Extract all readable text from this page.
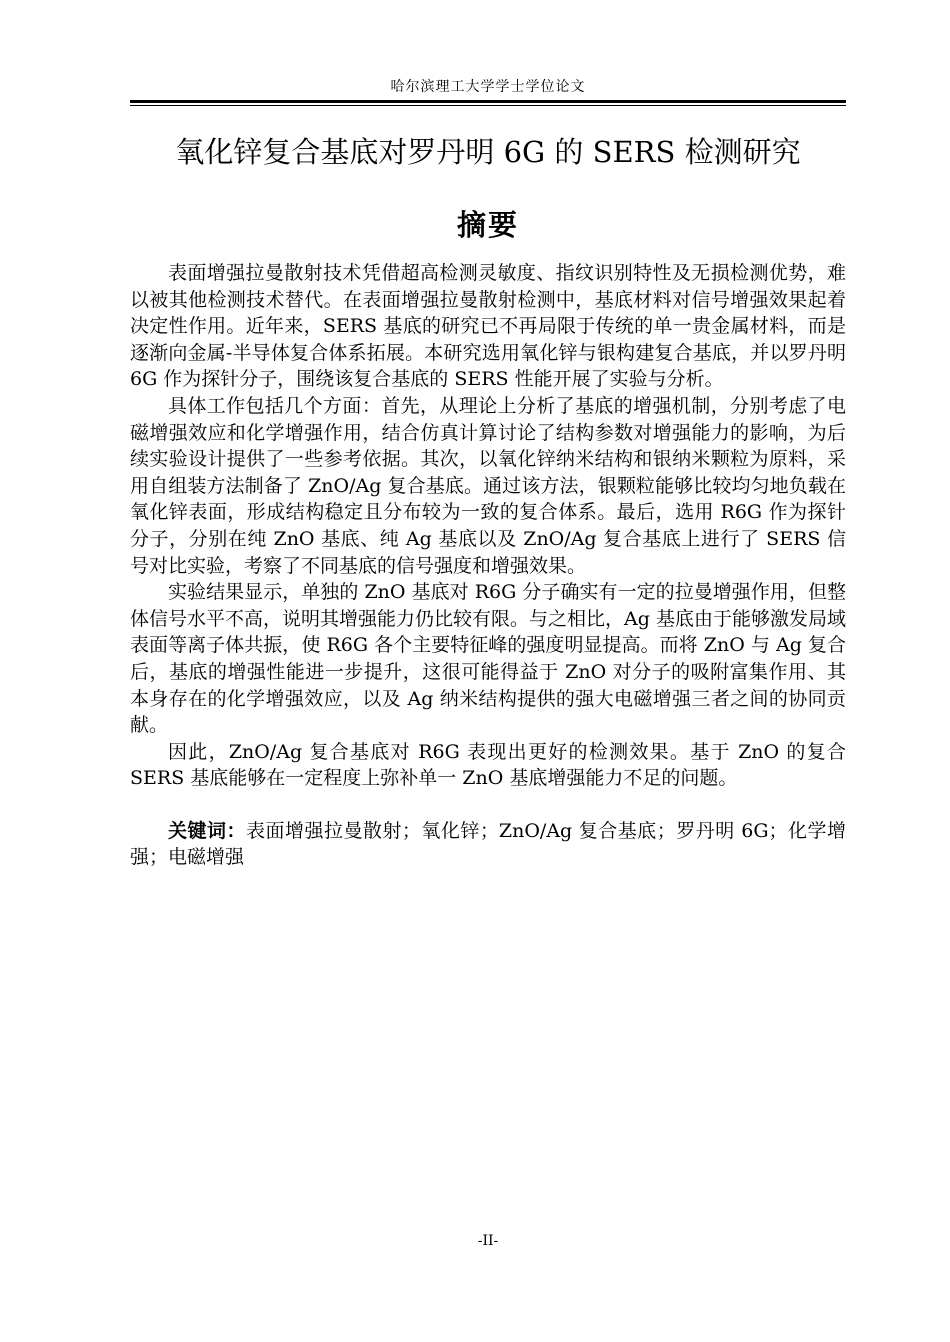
哈尔滨理工大学学士学位论文
氧化锌复合基底对罗丹明 6G 的 SERS 检测研究
摘要

表面增强拉曼散射技术凭借超高检测灵敏度、指纹识别特性及无损检测优势，难以被其他检测技术替代。在表面增强拉曼散射检测中，基底材料对信号增强效果起着决定性作用。近年来，SERS 基底的研究已不再局限于传统的单一贵金属材料，而是逐渐向金属-半导体复合体系拓展。本研究选用氧化锌与银构建复合基底，并以罗丹明 6G 作为探针分子，围绕该复合基底的 SERS 性能开展了实验与分析。

具体工作包括几个方面：首先，从理论上分析了基底的增强机制，分别考虑了电磁增强效应和化学增强作用，结合仿真计算讨论了结构参数对增强能力的影响，为后续实验设计提供了一些参考依据。其次，以氧化锌纳米结构和银纳米颗粒为原料，采用自组装方法制备了 ZnO/Ag 复合基底。通过该方法，银颗粒能够比较均匀地负载在氧化锌表面，形成结构稳定且分布较为一致的复合体系。最后，选用 R6G 作为探针分子，分别在纯 ZnO 基底、纯 Ag 基底以及 ZnO/Ag 复合基底上进行了 SERS 信号对比实验，考察了不同基底的信号强度和增强效果。

实验结果显示，单独的 ZnO 基底对 R6G 分子确实有一定的拉曼增强作用，但整体信号水平不高，说明其增强能力仍比较有限。与之相比，Ag 基底由于能够激发局域表面等离子体共振，使 R6G 各个主要特征峰的强度明显提高。而将 ZnO 与 Ag 复合后，基底的增强性能进一步提升，这很可能得益于 ZnO 对分子的吸附富集作用、其本身存在的化学增强效应，以及 Ag 纳米结构提供的强大电磁增强三者之间的协同贡献。

因此，ZnO/Ag 复合基底对 R6G 表现出更好的检测效果。基于 ZnO 的复合 SERS 基底能够在一定程度上弥补单一 ZnO 基底增强能力不足的问题。

关键词：表面增强拉曼散射；氧化锌；ZnO/Ag 复合基底；罗丹明 6G；化学增强；电磁增强

-II-
